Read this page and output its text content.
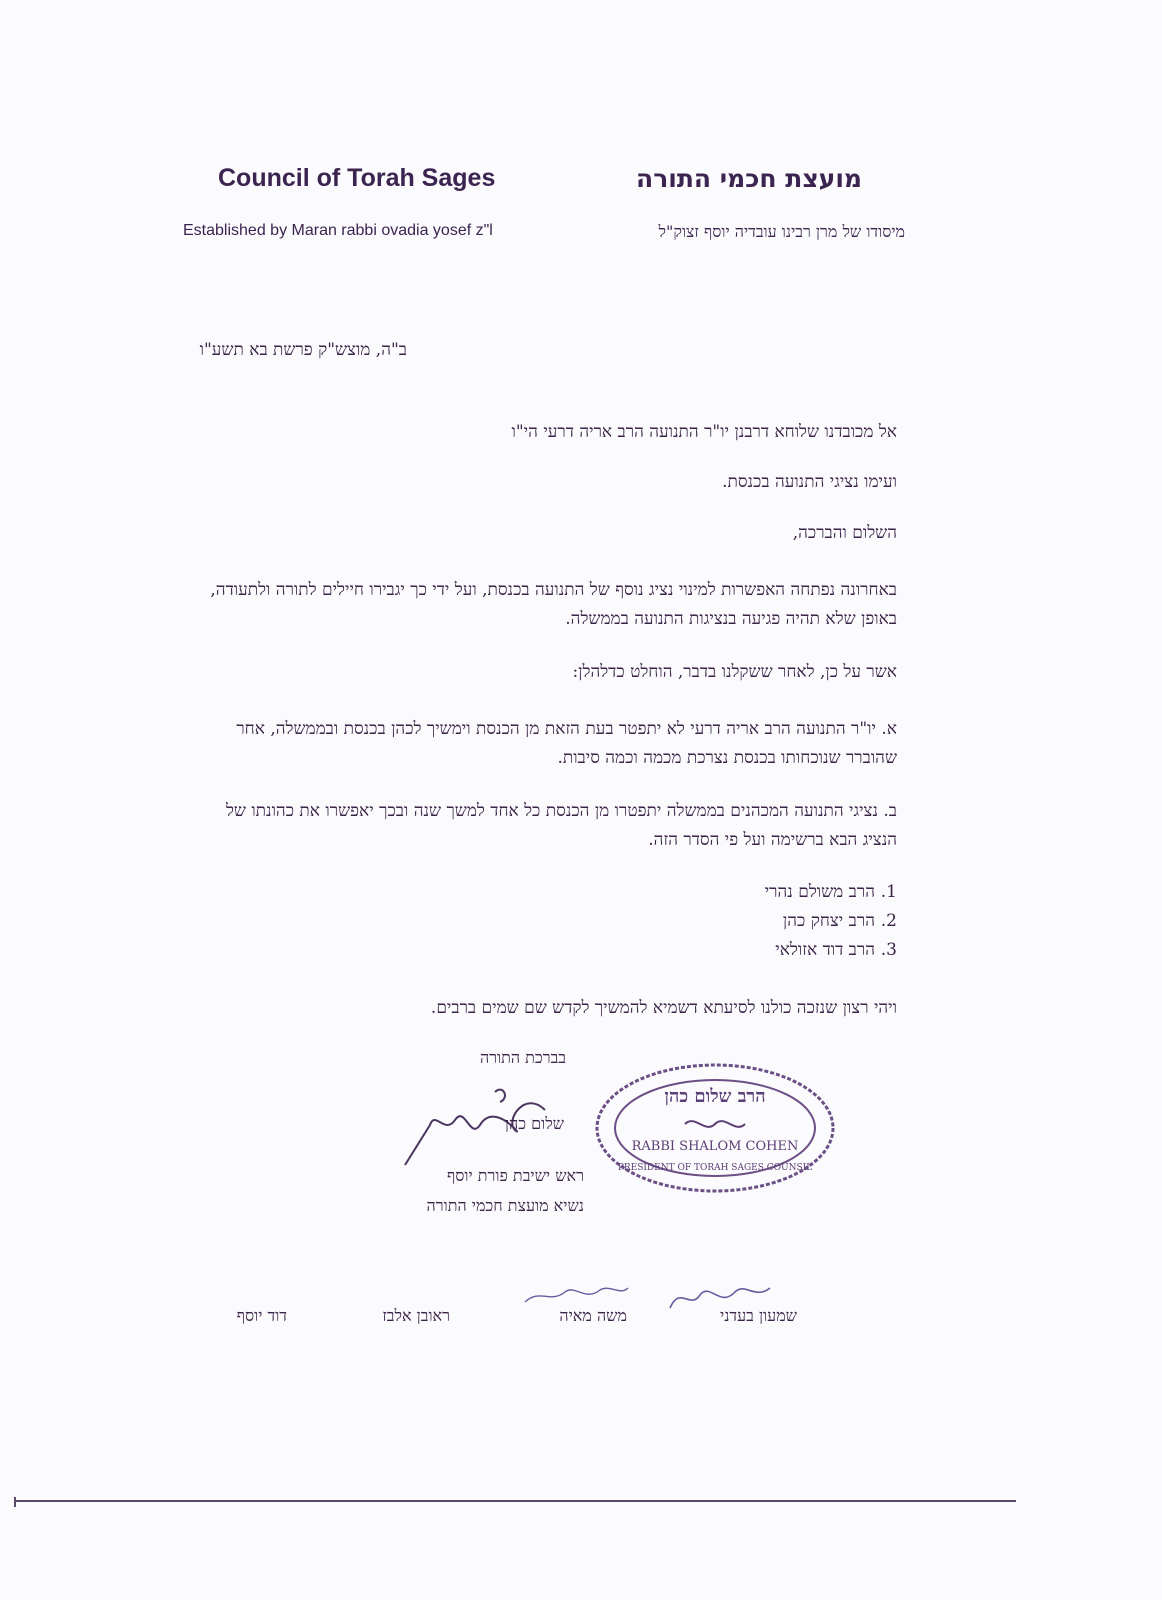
מועצת חכמי התורה
Council of Torah Sages
מיסודו של מרן רבינו עובדיה יוסף זצוק"ל
Established by Maran rabbi ovadia yosef z"l
ב"ה, מוצש"ק פרשת בא תשע"ו
אל מכובדנו שלוחא דרבנן יו"ר התנועה הרב אריה דרעי הי"ו
ועימו נציגי התנועה בכנסת.
השלום והברכה,
באחרונה נפתחה האפשרות למינוי נציג נוסף של התנועה בכנסת, ועל ידי כך יגבירו חיילים לתורה ולתעודה, באופן שלא תהיה פגיעה בנציגות התנועה בממשלה.
אשר על כן, לאחר ששקלנו בדבר, הוחלט כדלהלן:
א. יו"ר התנועה הרב אריה דרעי לא יתפטר בעת הזאת מן הכנסת וימשיך לכהן בכנסת ובממשלה, אחר שהוברר שנוכחותו בכנסת נצרכת מכמה וכמה סיבות.
ב. נציגי התנועה המכהנים בממשלה יתפטרו מן הכנסת כל אחד למשך שנה ובכך יאפשרו את כהונתו של הנציג הבא ברשימה ועל פי הסדר הזה.
1.הרב משולם נהרי
2.הרב יצחק כהן
3.הרב דוד אזולאי
ויהי רצון שנזכה כולנו לסיעתא דשמיא להמשיך לקדש שם שמים ברבים.
בברכת התורה
שלום כהן
ראש ישיבת פורת יוסף
נשיא מועצת חכמי התורה
הרב שלום כהן
RABBI SHALOM COHEN
PRESIDENT OF TORAH SAGES COUNSIL
שמעון בעדני
משה מאיה
ראובן אלבז
דוד יוסף
